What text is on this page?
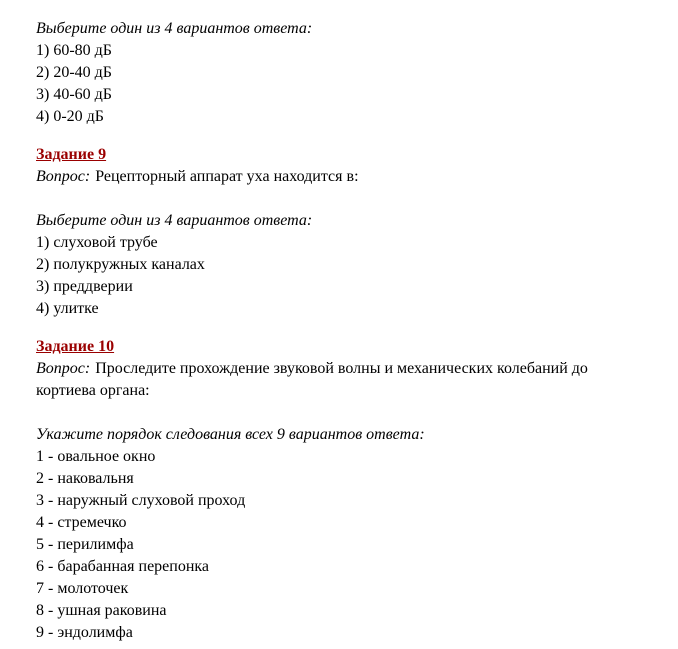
Выберите один из 4 вариантов ответа:

1) 60-80 дБ

2) 20-40 дБ

3) 40-60 дБ

4) 0-20 дБ

Задание 9

Вопрос: Рецепторный аппарат уха находится в:

Выберите один из 4 вариантов ответа:

1) слуховой трубе

2) полукружных каналах

3) преддверии

4) улитке

Задание 10

Вопрос: Проследите прохождение звуковой волны и механических колебаний до кортиева органа:

Укажите порядок следования всех 9 вариантов ответа:

1 - овальное окно

2 - наковальня

3 - наружный слуховой проход

4 - стремечко

5 - перилимфа

6 - барабанная перепонка

7 - молоточек

8 - ушная раковина

9 - эндолимфа
